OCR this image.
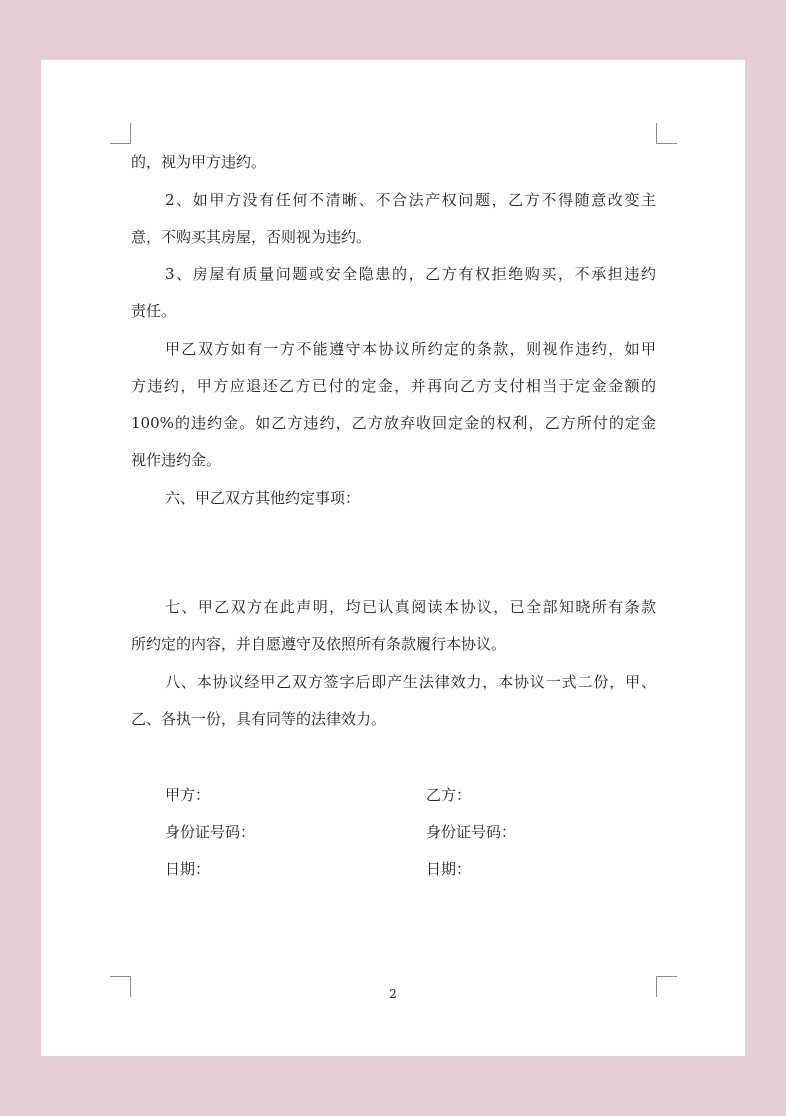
的，视为甲方违约。
2、如甲方没有任何不清晰、不合法产权问题，乙方不得随意改变主
意，不购买其房屋，否则视为违约。
3、房屋有质量问题或安全隐患的，乙方有权拒绝购买，不承担违约
责任。
甲乙双方如有一方不能遵守本协议所约定的条款，则视作违约，如甲
方违约，甲方应退还乙方已付的定金，并再向乙方支付相当于定金金额的
100%的违约金。如乙方违约，乙方放弃收回定金的权利，乙方所付的定金
视作违约金。
六、甲乙双方其他约定事项：
七、甲乙双方在此声明，均已认真阅读本协议，已全部知晓所有条款
所约定的内容，并自愿遵守及依照所有条款履行本协议。
八、本协议经甲乙双方签字后即产生法律效力，本协议一式二份，甲、
乙、各执一份，具有同等的法律效力。
甲方：	乙方：
身份证号码：	身份证号码：
日期：	日期：
2
